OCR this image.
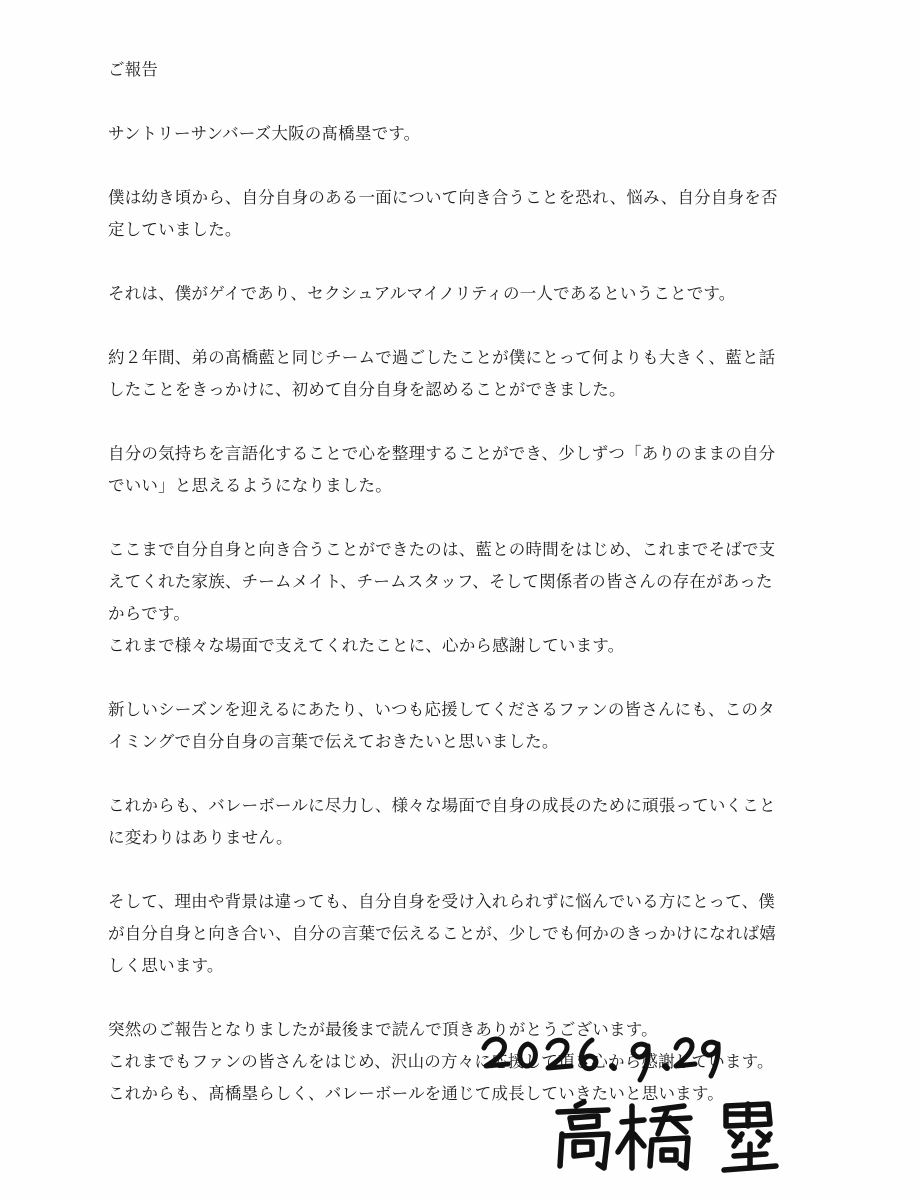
ご報告
サントリーサンバーズ大阪の髙橋塁です。
僕は幼き頃から、自分自身のある一面について向き合うことを恐れ、悩み、自分自身を否
定していました。
それは、僕がゲイであり、セクシュアルマイノリティの一人であるということです。
約２年間、弟の髙橋藍と同じチームで過ごしたことが僕にとって何よりも大きく、藍と話
したことをきっかけに、初めて自分自身を認めることができました。
自分の気持ちを言語化することで心を整理することができ、少しずつ「ありのままの自分
でいい」と思えるようになりました。
ここまで自分自身と向き合うことができたのは、藍との時間をはじめ、これまでそばで支
えてくれた家族、チームメイト、チームスタッフ、そして関係者の皆さんの存在があった
からです。
これまで様々な場面で支えてくれたことに、心から感謝しています。
新しいシーズンを迎えるにあたり、いつも応援してくださるファンの皆さんにも、このタ
イミングで自分自身の言葉で伝えておきたいと思いました。
これからも、バレーボールに尽力し、様々な場面で自身の成長のために頑張っていくこと
に変わりはありません。
そして、理由や背景は違っても、自分自身を受け入れられずに悩んでいる方にとって、僕
が自分自身と向き合い、自分の言葉で伝えることが、少しでも何かのきっかけになれば嬉
しく思います。
突然のご報告となりましたが最後まで読んで頂きありがとうございます。
これまでもファンの皆さんをはじめ、沢山の方々に応援して頂き心から感謝しています。
これからも、髙橋塁らしく、バレーボールを通じて成長していきたいと思います。
